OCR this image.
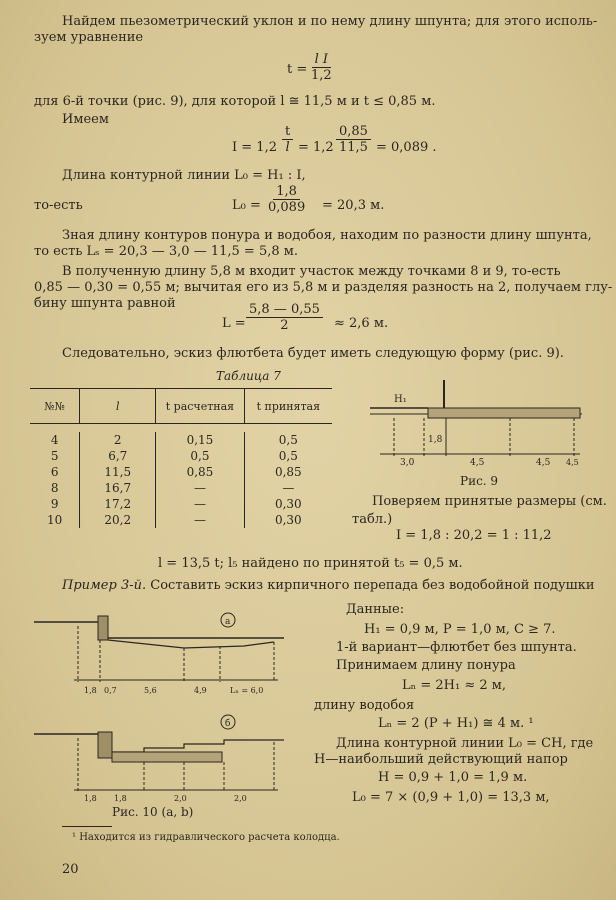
Найдем пьезометрический уклон и по нему длину шпунта; для этого исполь-
зуем уравнение
$t = \frac{\text{l I}}{1,2}$
для 6-й точки (рис. 9), для которой l ≅ 11,5 м и t ≤ 0,85 м.
Имеем
$I = 1,2 \frac{t}{l} = 1,2 \frac{0,85}{11,5} = 0,089$ .
Длина контурной линии L₀ = H₁ : I,
то-есть	$L_0 = \frac{1,8}{0,089} = 20,3$ м.
Зная длину контуров понура и водобоя, находим по разности длину шпунта,
то есть Lₛ = 20,3 — 3,0 — 11,5 = 5,8 м.
В полученную длину 5,8 м входит участок между точками 8 и 9, то-есть
0,85 — 0,30 = 0,55 м; вычитая его из 5,8 м и разделяя разность на 2, получаем глу-
бину шпунта равной
$L = \frac{5,8 — 0,55}{2} \approx 2,6$ м.
Следовательно, эскиз флютбета будет иметь следующую форму (рис. 9).
Таблица 7
№№	l	t расчетная	t принятая

4	2	0,15	0,5
5	6,7	0,5	0,5
6	11,5	0,85	0,85
8	16,7	—	—
9	17,2	—	0,30
10	20,2	—	0,30
H₁
1,8
3,0	4,5	4,5 4,5
Рис. 9
Поверяем принятые размеры (см.
табл.)
I = 1,8 : 20,2 = 1 : 11,2
l = 13,5 t; l₅ найдено по принятой t₅ = 0,5 м.
Пример 3-й. Составить эскиз кирпичного перепада без водобойной подушки
a
1,8 0,7	5,6	4,9	Lₙ = 6,0
б
1,8 1,8	2,0	2,0
Рис. 10 (a, b)
Данные:
H₁ = 0,9 м, P = 1,0 м, C ≥ 7.
1-й вариант—флютбет без шпунта.
Принимаем длину понура
Lₙ = 2H₁ ≈ 2 м,
длину водобоя
Lₙ = 2 (P + H₁) ≅ 4 м. ¹
Длина контурной линии L₀ = CH, где
H—наибольший действующий напор
H = 0,9 + 1,0 = 1,9 м.
L₀ = 7 × (0,9 + 1,0) = 13,3 м,
¹ Находится из гидравлического расчета колодца.
20
